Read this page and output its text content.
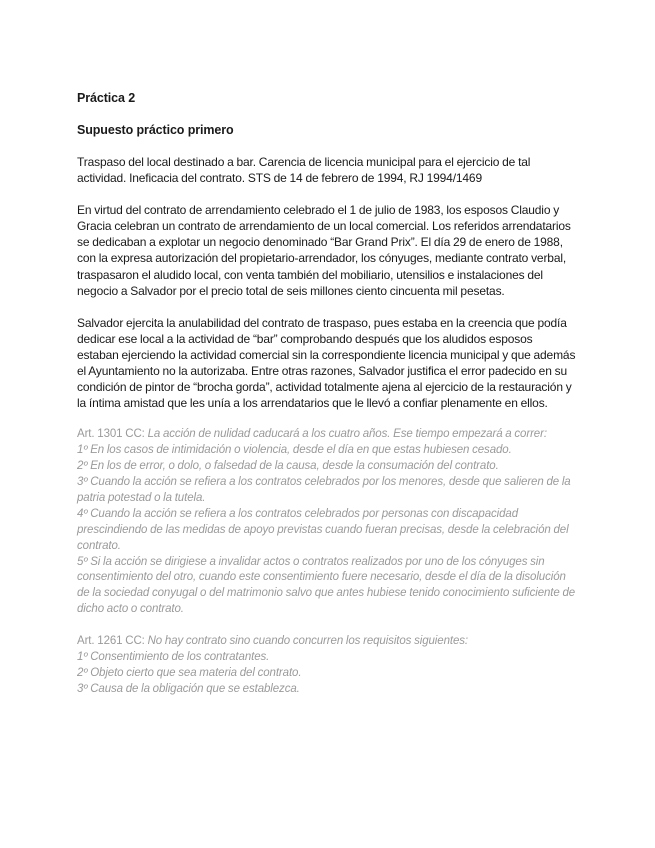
Práctica 2

Supuesto práctico primero

Traspaso del local destinado a bar. Carencia de licencia municipal para el ejercicio de tal actividad. Ineficacia del contrato. STS de 14 de febrero de 1994, RJ 1994/1469

En virtud del contrato de arrendamiento celebrado el 1 de julio de 1983, los esposos Claudio y Gracia celebran un contrato de arrendamiento de un local comercial. Los referidos arrendatarios se dedicaban a explotar un negocio denominado “Bar Grand Prix”. El día 29 de enero de 1988, con la expresa autorización del propietario-arrendador, los cónyuges, mediante contrato verbal, traspasaron el aludido local, con venta también del mobiliario, utensilios e instalaciones del negocio a Salvador por el precio total de seis millones ciento cincuenta mil pesetas.

Salvador ejercita la anulabilidad del contrato de traspaso, pues estaba en la creencia que podía dedicar ese local a la actividad de “bar” comprobando después que los aludidos esposos estaban ejerciendo la actividad comercial sin la correspondiente licencia municipal y que además el Ayuntamiento no la autorizaba. Entre otras razones, Salvador justifica el error padecido en su condición de pintor de “brocha gorda”, actividad totalmente ajena al ejercicio de la restauración y la íntima amistad que les unía a los arrendatarios que le llevó a confiar plenamente en ellos.

Art. 1301 CC: La acción de nulidad caducará a los cuatro años. Ese tiempo empezará a correr:
1º En los casos de intimidación o violencia, desde el día en que estas hubiesen cesado.
2º En los de error, o dolo, o falsedad de la causa, desde la consumación del contrato.
3º Cuando la acción se refiera a los contratos celebrados por los menores, desde que salieren de la patria potestad o la tutela.
4º Cuando la acción se refiera a los contratos celebrados por personas con discapacidad prescindiendo de las medidas de apoyo previstas cuando fueran precisas, desde la celebración del contrato.
5º Si la acción se dirigiese a invalidar actos o contratos realizados por uno de los cónyuges sin consentimiento del otro, cuando este consentimiento fuere necesario, desde el día de la disolución de la sociedad conyugal o del matrimonio salvo que antes hubiese tenido conocimiento suficiente de dicho acto o contrato.
Art. 1261 CC: No hay contrato sino cuando concurren los requisitos siguientes:
1º Consentimiento de los contratantes.
2º Objeto cierto que sea materia del contrato.
3º Causa de la obligación que se establezca.
